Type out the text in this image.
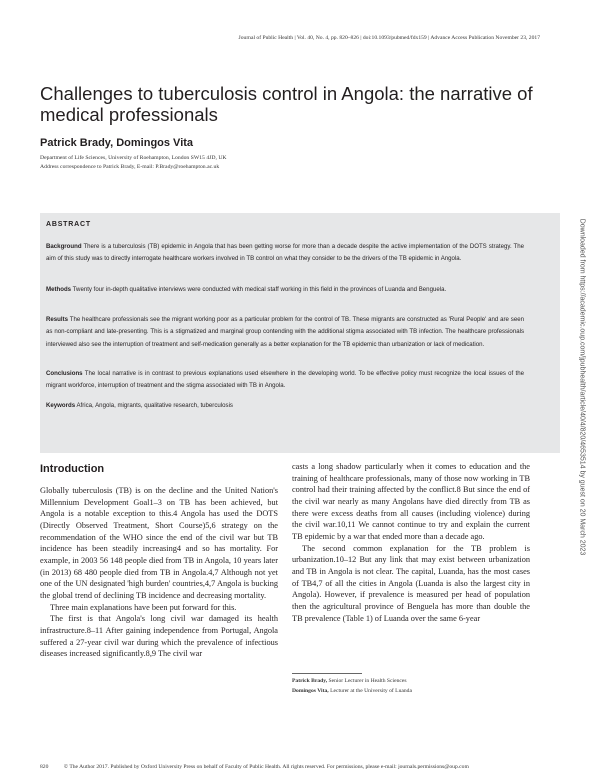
Journal of Public Health | Vol. 40, No. 4, pp. 820–826 | doi:10.1093/pubmed/fdx159 | Advance Access Publication November 23, 2017
Challenges to tuberculosis control in Angola: the narrative of medical professionals
Patrick Brady, Domingos Vita
Department of Life Sciences, University of Roehampton, London SW15 4JD, UK
Address correspondence to Patrick Brady, E-mail: P.Brady@roehampton.ac.uk
ABSTRACT
Background There is a tuberculosis (TB) epidemic in Angola that has been getting worse for more than a decade despite the active implementation of the DOTS strategy. The aim of this study was to directly interrogate healthcare workers involved in TB control on what they consider to be the drivers of the TB epidemic in Angola.
Methods Twenty four in-depth qualitative interviews were conducted with medical staff working in this field in the provinces of Luanda and Benguela.
Results The healthcare professionals see the migrant working poor as a particular problem for the control of TB. These migrants are constructed as 'Rural People' and are seen as non-compliant and late-presenting. This is a stigmatized and marginal group contending with the additional stigma associated with TB infection. The healthcare professionals interviewed also see the interruption of treatment and self-medication generally as a better explanation for the TB epidemic than urbanization or lack of medication.
Conclusions The local narrative is in contrast to previous explanations used elsewhere in the developing world. To be effective policy must recognize the local issues of the migrant workforce, interruption of treatment and the stigma associated with TB in Angola.
Keywords Africa, Angola, migrants, qualitative research, tuberculosis
Introduction

Globally tuberculosis (TB) is on the decline and the United Nation's Millennium Development Goal1–3 on TB has been achieved, but Angola is a notable exception to this.4 Angola has used the DOTS (Directly Observed Treatment, Short Course)5,6 strategy on the recommendation of the WHO since the end of the civil war but TB incidence has been steadily increasing4 and so has mortality. For example, in 2003 56 148 people died from TB in Angola, 10 years later (in 2013) 68 480 people died from TB in Angola.4,7 Although not yet one of the UN designated 'high burden' countries,4,7 Angola is bucking the global trend of declining TB incidence and decreasing mortality.

Three main explanations have been put forward for this.

The first is that Angola's long civil war damaged its health infrastructure.8–11 After gaining independence from Portugal, Angola suffered a 27-year civil war during which the prevalence of infectious diseases increased significantly.8,9 The civil war

casts a long shadow particularly when it comes to education and the training of healthcare professionals, many of those now working in TB control had their training affected by the conflict.8 But since the end of the civil war nearly as many Angolans have died directly from TB as there were excess deaths from all causes (including violence) during the civil war.10,11 We cannot continue to try and explain the current TB epidemic by a war that ended more than a decade ago.

The second common explanation for the TB problem is urbanization.10–12 But any link that may exist between urbanization and TB in Angola is not clear. The capital, Luanda, has the most cases of TB4,7 of all the cities in Angola (Luanda is also the largest city in Angola). However, if prevalence is measured per head of population then the agricultural province of Benguela has more than double the TB prevalence (Table 1) of Luanda over the same 6-year

Patrick Brady, Senior Lecturer in Health Sciences
Domingos Vita, Lecturer at the University of Luanda
820	© The Author 2017. Published by Oxford University Press on behalf of Faculty of Public Health. All rights reserved. For permissions, please e-mail: journals.permissions@oup.com
Downloaded from https://academic.oup.com/jpubhealth/article/40/4/820/4653514 by guest on 20 March 2023
